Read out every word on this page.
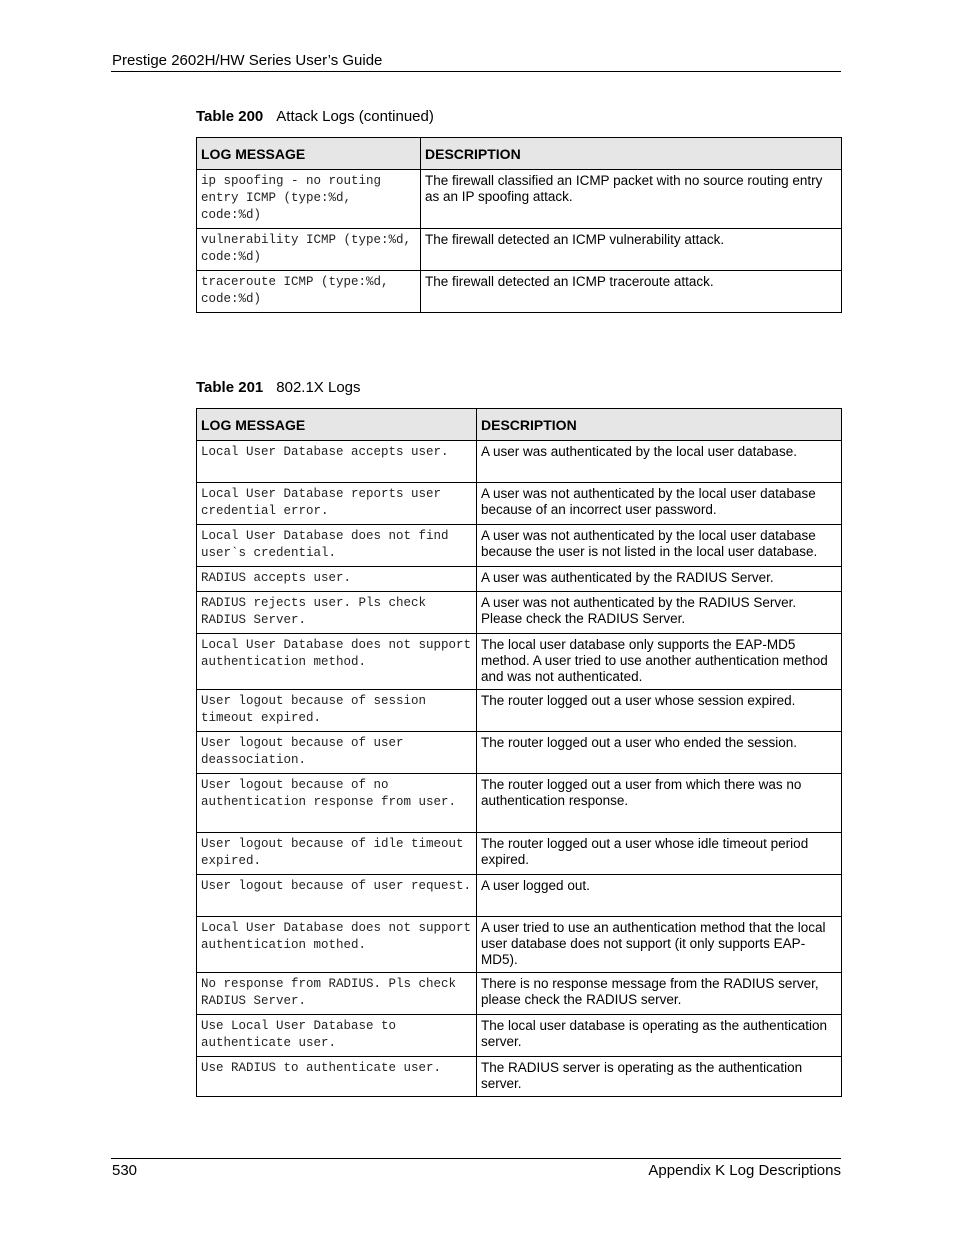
Prestige 2602H/HW Series User’s Guide
Table 200 Attack Logs (continued)
LOG MESSAGE	DESCRIPTION
ip spoofing - no routing entry ICMP (type:%d, code:%d)	The firewall classified an ICMP packet with no source routing entry as an IP spoofing attack.
vulnerability ICMP (type:%d, code:%d)	The firewall detected an ICMP vulnerability attack.
traceroute ICMP (type:%d, code:%d)	The firewall detected an ICMP traceroute attack.
Table 201 802.1X Logs
LOG MESSAGE	DESCRIPTION
Local User Database accepts user.	A user was authenticated by the local user database.
Local User Database reports user credential error.	A user was not authenticated by the local user database because of an incorrect user password.
Local User Database does not find user`s credential.	A user was not authenticated by the local user database because the user is not listed in the local user database.
RADIUS accepts user.	A user was authenticated by the RADIUS Server.
RADIUS rejects user. Pls check RADIUS Server.	A user was not authenticated by the RADIUS Server. Please check the RADIUS Server.
Local User Database does not support authentication method.	The local user database only supports the EAP-MD5 method. A user tried to use another authentication method and was not authenticated.
User logout because of session timeout expired.	The router logged out a user whose session expired.
User logout because of user deassociation.	The router logged out a user who ended the session.
User logout because of no authentication response from user.	The router logged out a user from which there was no authentication response.
User logout because of idle timeout expired.	The router logged out a user whose idle timeout period expired.
User logout because of user request.	A user logged out.
Local User Database does not support authentication mothed.	A user tried to use an authentication method that the local user database does not support (it only supports EAP-MD5).
No response from RADIUS. Pls check RADIUS Server.	There is no response message from the RADIUS server, please check the RADIUS server.
Use Local User Database to authenticate user.	The local user database is operating as the authentication server.
Use RADIUS to authenticate user.	The RADIUS server is operating as the authentication server.
530	Appendix K Log Descriptions
